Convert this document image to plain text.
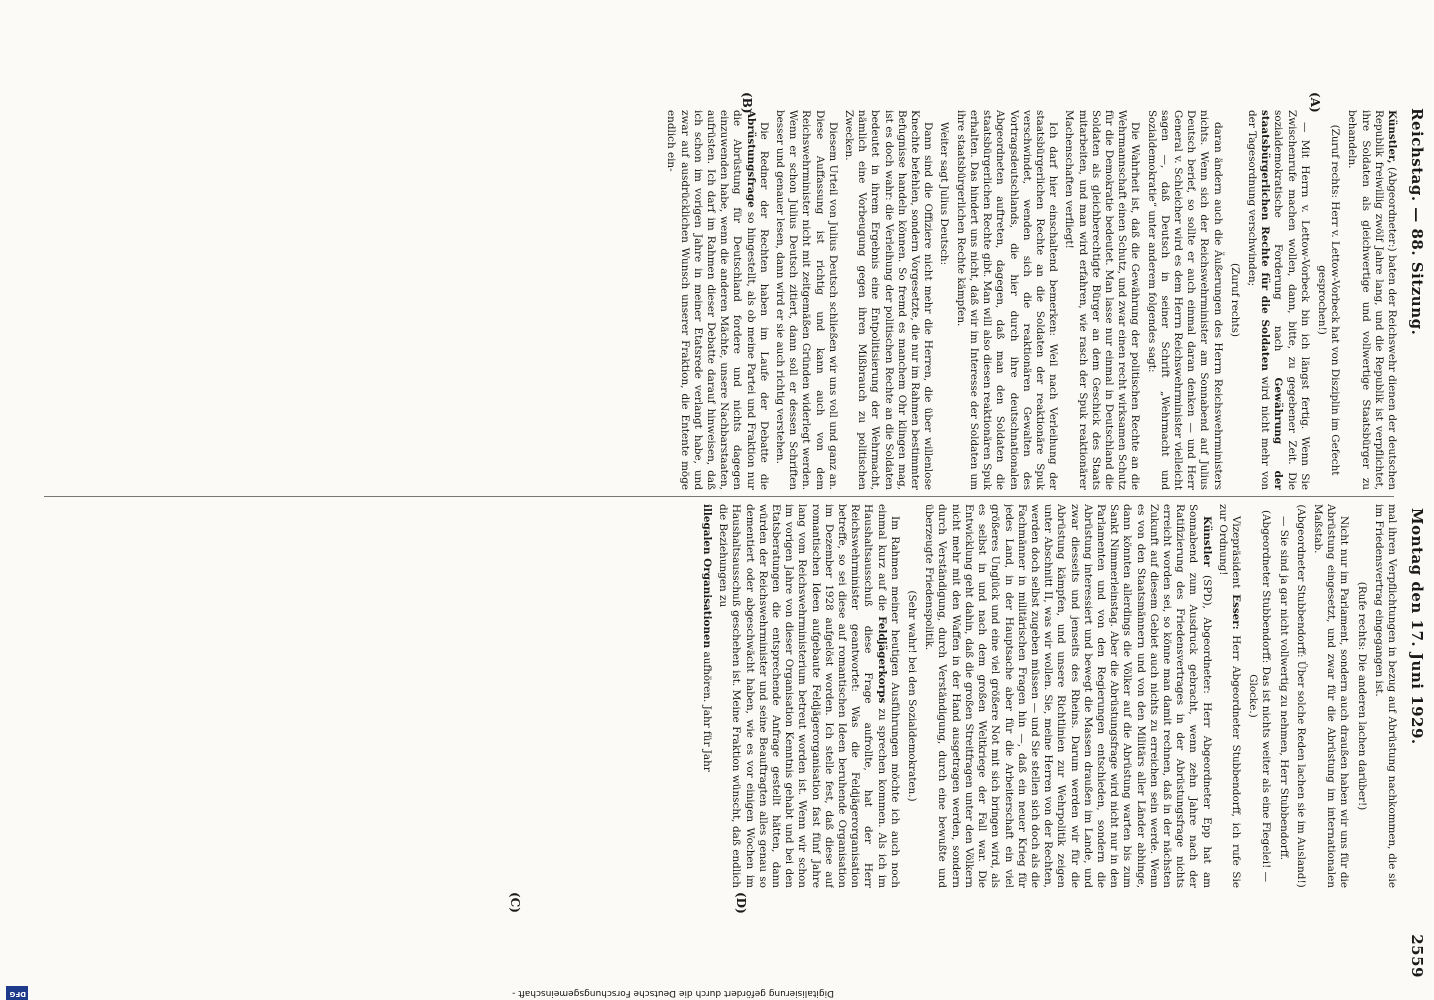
Reichstag. — 88. Sitzung.
Montag den 17. Juni 1929.
2559
(A)
(B)
(C)	(D)

Künstler, (Abgeordneter:) baten der Reichswehr dienen der deutschen Republik freiwillig zwölf Jahre lang, und die Republik ist verpflichtet, ihre Soldaten als gleichwertige und vollwertige Staatsbürger zu behandeln.

(Zuruf rechts: Herr v. Lettow-Vorbeck hat von Disziplin im Gefecht gesprochen!)

— Mit Herrn v. Lettow-Vorbeck bin ich längst fertig. Wenn Sie Zwischenrufe machen wollen, dann, bitte, zu gegebener Zeit. Die sozialdemokratische Forderung nach Gewährung der staatsbürgerlichen Rechte für die Soldaten wird nicht mehr von der Tagesordnung verschwinden;

(Zuruf rechts)

daran ändern auch die Äußerungen des Herrn Reichswehrministers nichts. Wenn sich der Reichswehrminister am Sonnabend auf Julius Deutsch berief, so sollte er auch einmal daran denken — und Herr General v. Schleicher wird es dem Herrn Reichswehrminister vielleicht sagen —, daß Deutsch in seiner Schrift „Wehrmacht und Sozialdemokratie“ unter anderem folgendes sagt:

Die Wahrheit ist, daß die Gewährung der politischen Rechte an die Wehrmannschaft einen Schutz, und zwar einen recht wirksamen Schutz für die Demokratie bedeutet. Man lasse nur einmal in Deutschland die Soldaten als gleichberechtigte Bürger an dem Geschick des Staats mitarbeiten, und man wird erfahren, wie rasch der Spuk reaktionärer Machenschaften verfliegt!

Ich darf hier einschaltend bemerken: Weil nach Verleihung der staatsbürgerlichen Rechte an die Soldaten der reaktionäre Spuk verschwindet, wenden sich die reaktionären Gewalten des Vortragsdeutschlands, die hier durch ihre deutschnationalen Abgeordneten auftreten, dagegen, daß man den Soldaten die staatsbürgerlichen Rechte gibt. Man will also diesen reaktionären Spuk erhalten. Das hindert uns nicht, daß wir im Interesse der Soldaten um ihre staatsbürgerlichen Rechte kämpfen.

Weiter sagt Julius Deutsch:

Dann sind die Offiziere nicht mehr die Herren, die über willenlose Knechte befehlen, sondern Vorgesetzte, die nur im Rahmen bestimmter Befugnisse handeln können. So fremd es manchem Ohr klingen mag, ist es doch wahr: die Verleihung der politischen Rechte an die Soldaten bedeutet in ihrem Ergebnis eine Entpolitisierung der Wehrmacht, nämlich eine Vorbeugung gegen ihren Mißbrauch zu politischen Zwecken.

Diesem Urteil von Julius Deutsch schließen wir uns voll und ganz an. Diese Auffassung ist richtig und kann auch von dem Reichswehrminister nicht mit zeitgemäßen Gründen widerlegt werden. Wenn er schon Julius Deutsch zitiert, dann soll er dessen Schriften besser und genauer lesen, dann wird er sie auch richtig verstehen.

Die Redner der Rechten haben im Laufe der Debatte die Abrüstungsfrage so hingestellt, als ob meine Partei und Fraktion nur die Abrüstung für Deutschland fordere und nichts dagegen einzuwenden habe, wenn die anderen Mächte, unsere Nachbarstaaten, aufrüsten. Ich darf im Rahmen dieser Debatte darauf hinweisen, daß ich schon im vorigen Jahre in meiner Etatsrede verlangt habe, und zwar auf ausdrücklichen Wunsch unserer Fraktion, die Entente möge endlich ein-

mal ihren Verpflichtungen in bezug auf Abrüstung nachkommen, die sie im Friedensvertrag eingegangen ist.

(Rufe rechts: Die anderen lachen darüber!)

Nicht nur im Parlament, sondern auch draußen haben wir uns für die Abrüstung eingesetzt, und zwar für die Abrüstung im internationalen Maßstab.

(Abgeordneter Stubbendorff: Über solche Reden lachen sie im Ausland!)

— Sie sind ja gar nicht vollwertig zu nehmen, Herr Stubbendorff.

(Abgeordneter Stubbendorff: Das ist nichts weiter als eine Flegelei! — Glocke.)

Vizepräsident Esser: Herr Abgeordneter Stubbendorff, ich rufe Sie zur Ordnung!

Künstler (SPD), Abgeordneter: Herr Abgeordneter Epp hat am Sonnabend zum Ausdruck gebracht, wenn zehn Jahre nach der Ratifizierung des Friedensvertrages in der Abrüstungsfrage nichts erreicht worden sei, so könne man damit rechnen, daß in der nächsten Zukunft auf diesem Gebiet auch nichts zu erreichen sein werde. Wenn es von den Staatsmännern und von den Militärs aller Länder abhinge, dann könnten allerdings die Völker auf die Abrüstung warten bis zum Sankt Nimmerleinstag. Aber die Abrüstungsfrage wird nicht nur in den Parlamenten und von den Regierungen entschieden, sondern die Abrüstung interessiert und bewegt die Massen draußen im Lande, und zwar diesseits und jenseits des Rheins. Darum werden wir für die Abrüstung kämpfen, und unsere Richtlinien zur Wehrpolitik zeigen unter Abschnitt II, was wir wollen. Sie, meine Herren von der Rechten, werden doch selbst zugeben müssen — und Sie stellen sich doch als die Fachmänner in militärischen Fragen hin —, daß ein neuer Krieg für jedes Land, in der Hauptsache aber für die Arbeiterschaft ein viel größeres Unglück und eine viel größere Not mit sich bringen wird, als es selbst in und nach dem großen Weltkriege der Fall war. Die Entwicklung geht dahin, daß die großen Streitfragen unter den Völkern nicht mehr mit den Waffen in der Hand ausgetragen werden, sondern durch Verständigung, durch Verständigung, durch eine bewußte und überzeugte Friedenspolitik.

(Sehr wahr! bei den Sozialdemokraten.)

Im Rahmen meiner heutigen Ausführungen möchte ich auch noch einmal kurz auf die Feldjägerkorps zu sprechen kommen. Als ich im Haushaltsausschuß diese Frage aufrollte, hat der Herr Reichswehrminister geantwortet: Was die Feldjägerorganisation betreffe, so sei diese auf romantischen Ideen beruhende Organisation im Dezember 1928 aufgelöst worden. Ich stelle fest, daß diese auf romantischen Ideen aufgebaute Feldjägerorganisation fast fünf Jahre lang vom Reichswehrministerium betreut worden ist. Wenn wir schon im vorigen Jahre von dieser Organisation Kenntnis gehabt und bei den Etatsberatungen die entsprechende Anfrage gestellt hätten, dann würden der Reichswehrminister und seine Beauftragten alles genau so dementiert oder abgeschwächt haben, wie es vor einigen Wochen im Haushaltsausschuß geschehen ist. Meine Fraktion wünscht, daß endlich die Beziehungen zu

illegalen Organisationen aufhören. Jahr für Jahr

Digitalisierung gefördert durch die Deutsche Forschungsgemeinschaft -
DFG
